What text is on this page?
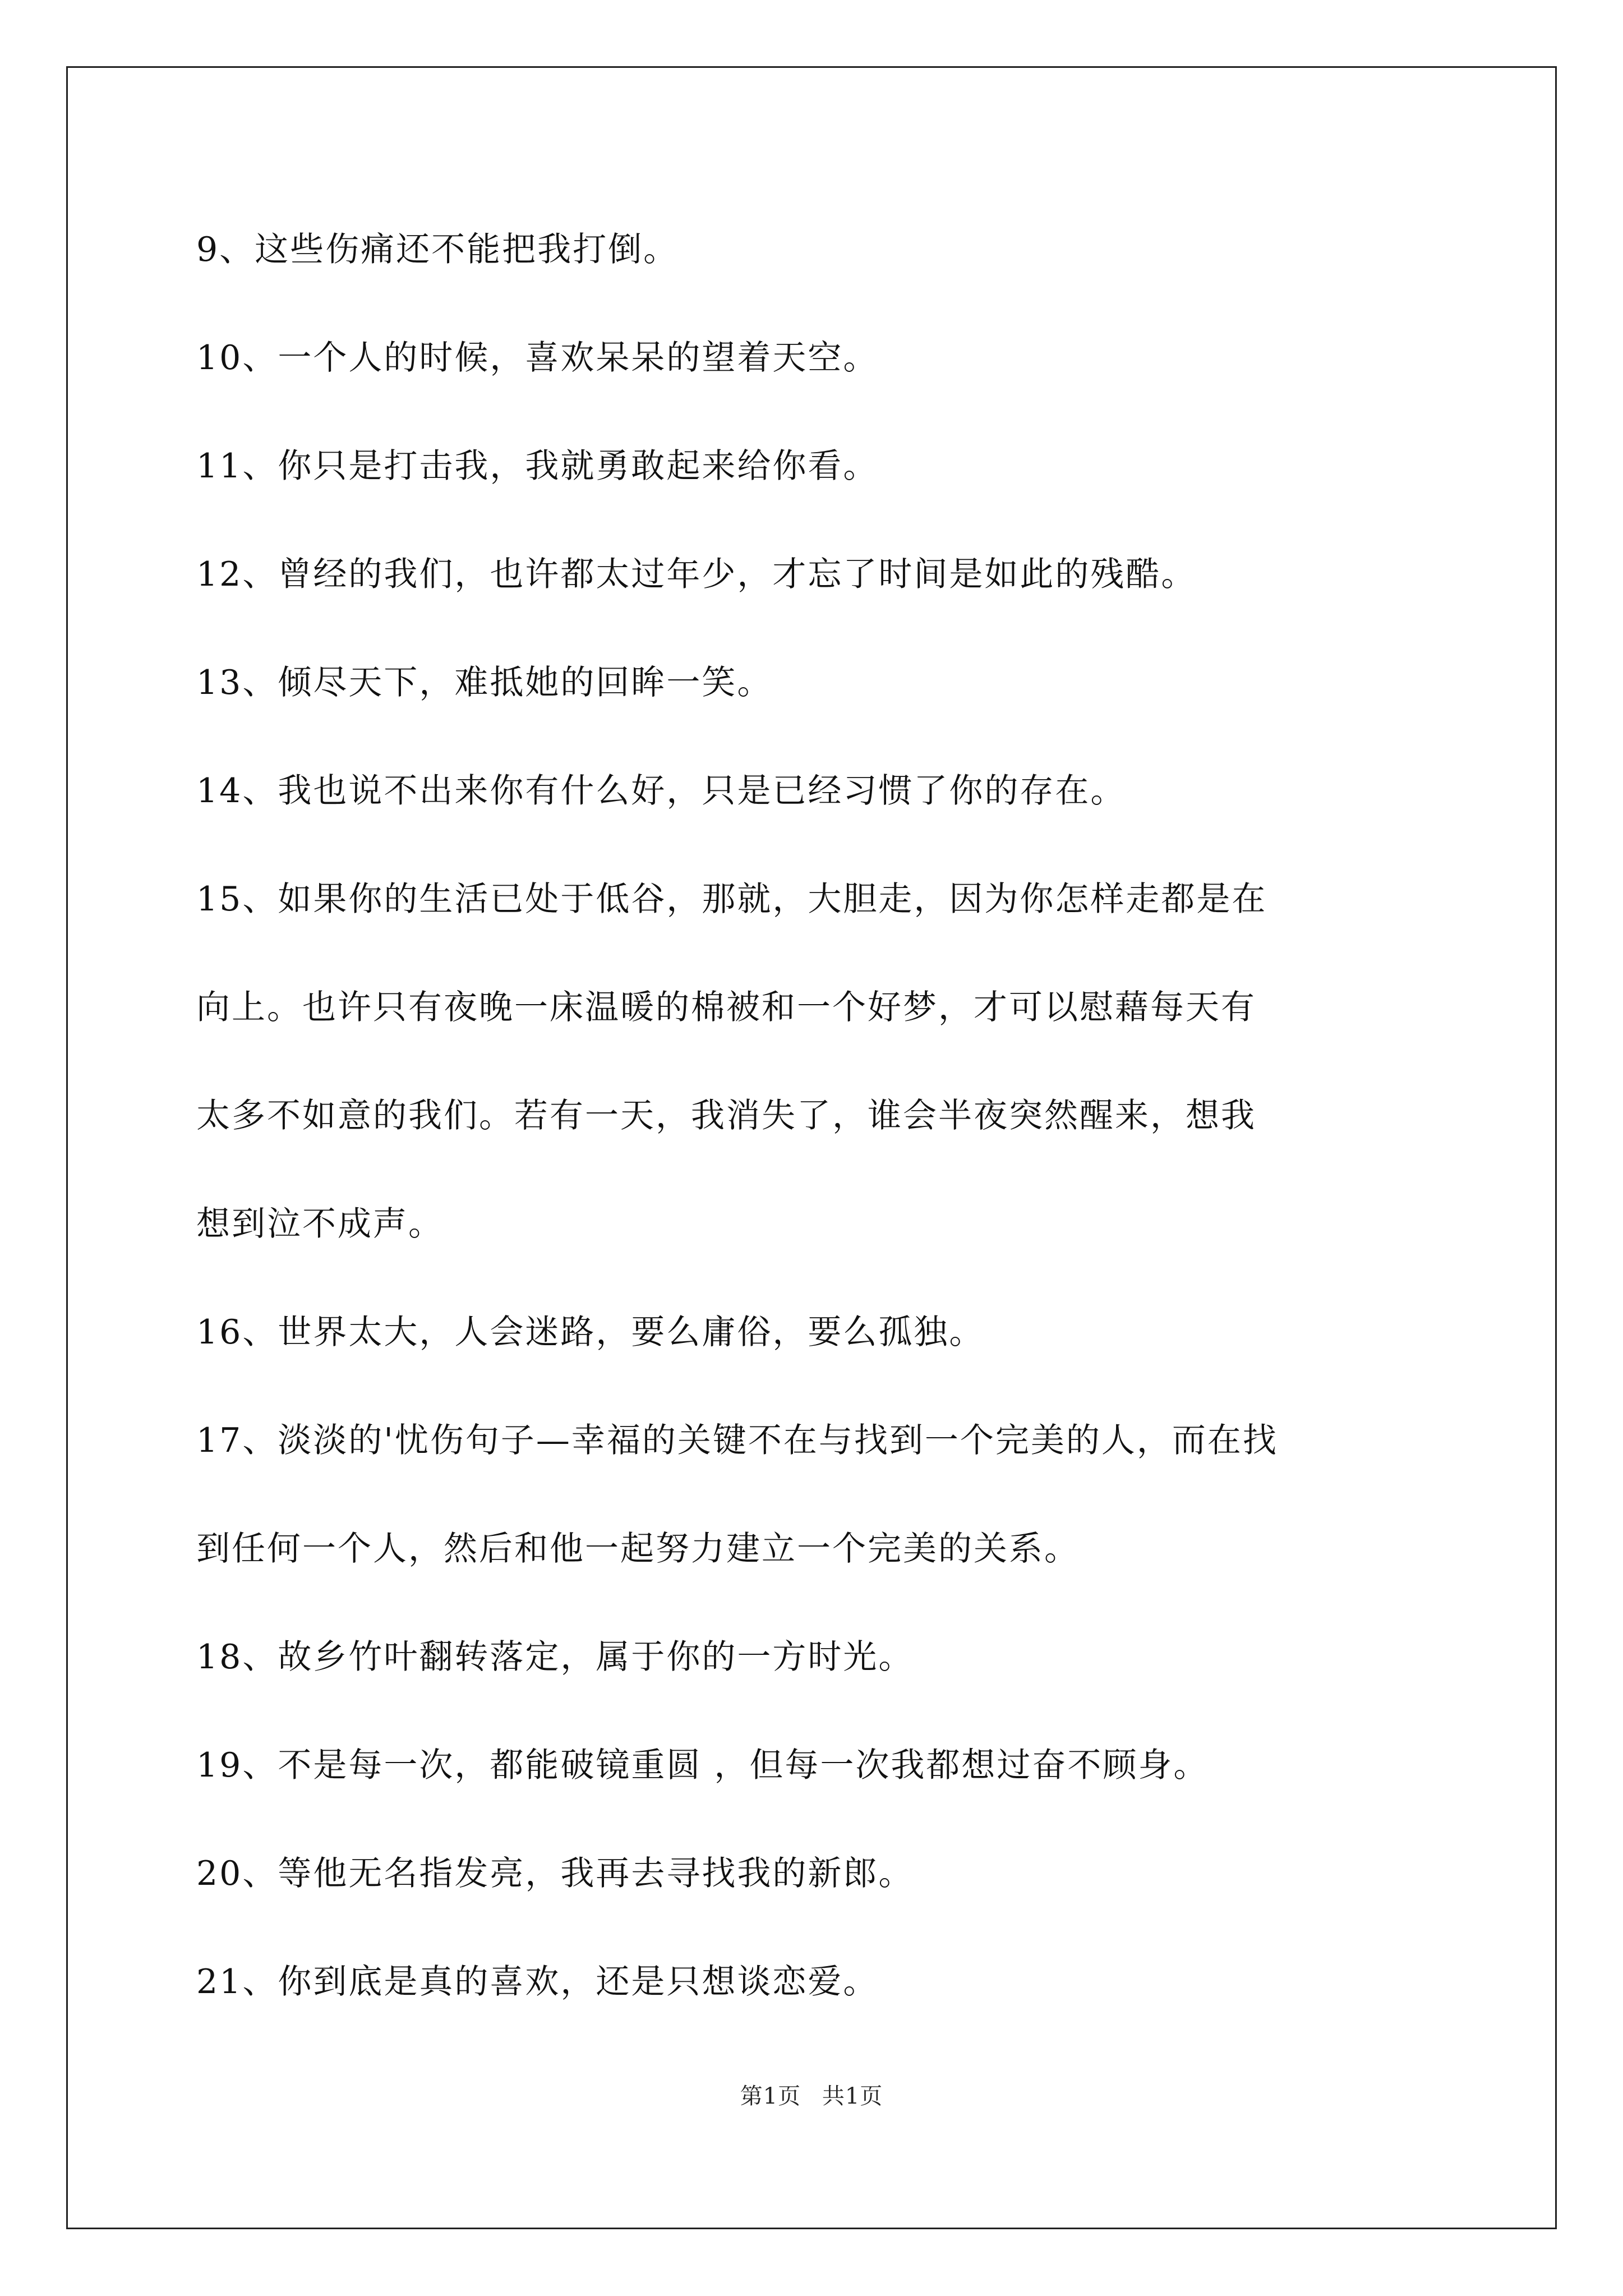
9、这些伤痛还不能把我打倒。

10、一个人的时候，喜欢呆呆的望着天空。

11、你只是打击我，我就勇敢起来给你看。

12、曾经的我们，也许都太过年少，才忘了时间是如此的残酷。

13、倾尽天下，难抵她的回眸一笑。

14、我也说不出来你有什么好，只是已经习惯了你的存在。

15、如果你的生活已处于低谷，那就，大胆走，因为你怎样走都是在

向上。也许只有夜晚一床温暖的棉被和一个好梦，才可以慰藉每天有

太多不如意的我们。若有一天，我消失了，谁会半夜突然醒来，想我

想到泣不成声。

16、世界太大，人会迷路，要么庸俗，要么孤独。

17、淡淡的'忧伤句子—幸福的关键不在与找到一个完美的人，而在找

到任何一个人，然后和他一起努力建立一个完美的关系。

18、故乡竹叶翻转落定，属于你的一方时光。

19、不是每一次，都能破镜重圆 ，但每一次我都想过奋不顾身。

20、等他无名指发亮，我再去寻找我的新郎。

21、你到底是真的喜欢，还是只想谈恋爱。

第1页 共1页
